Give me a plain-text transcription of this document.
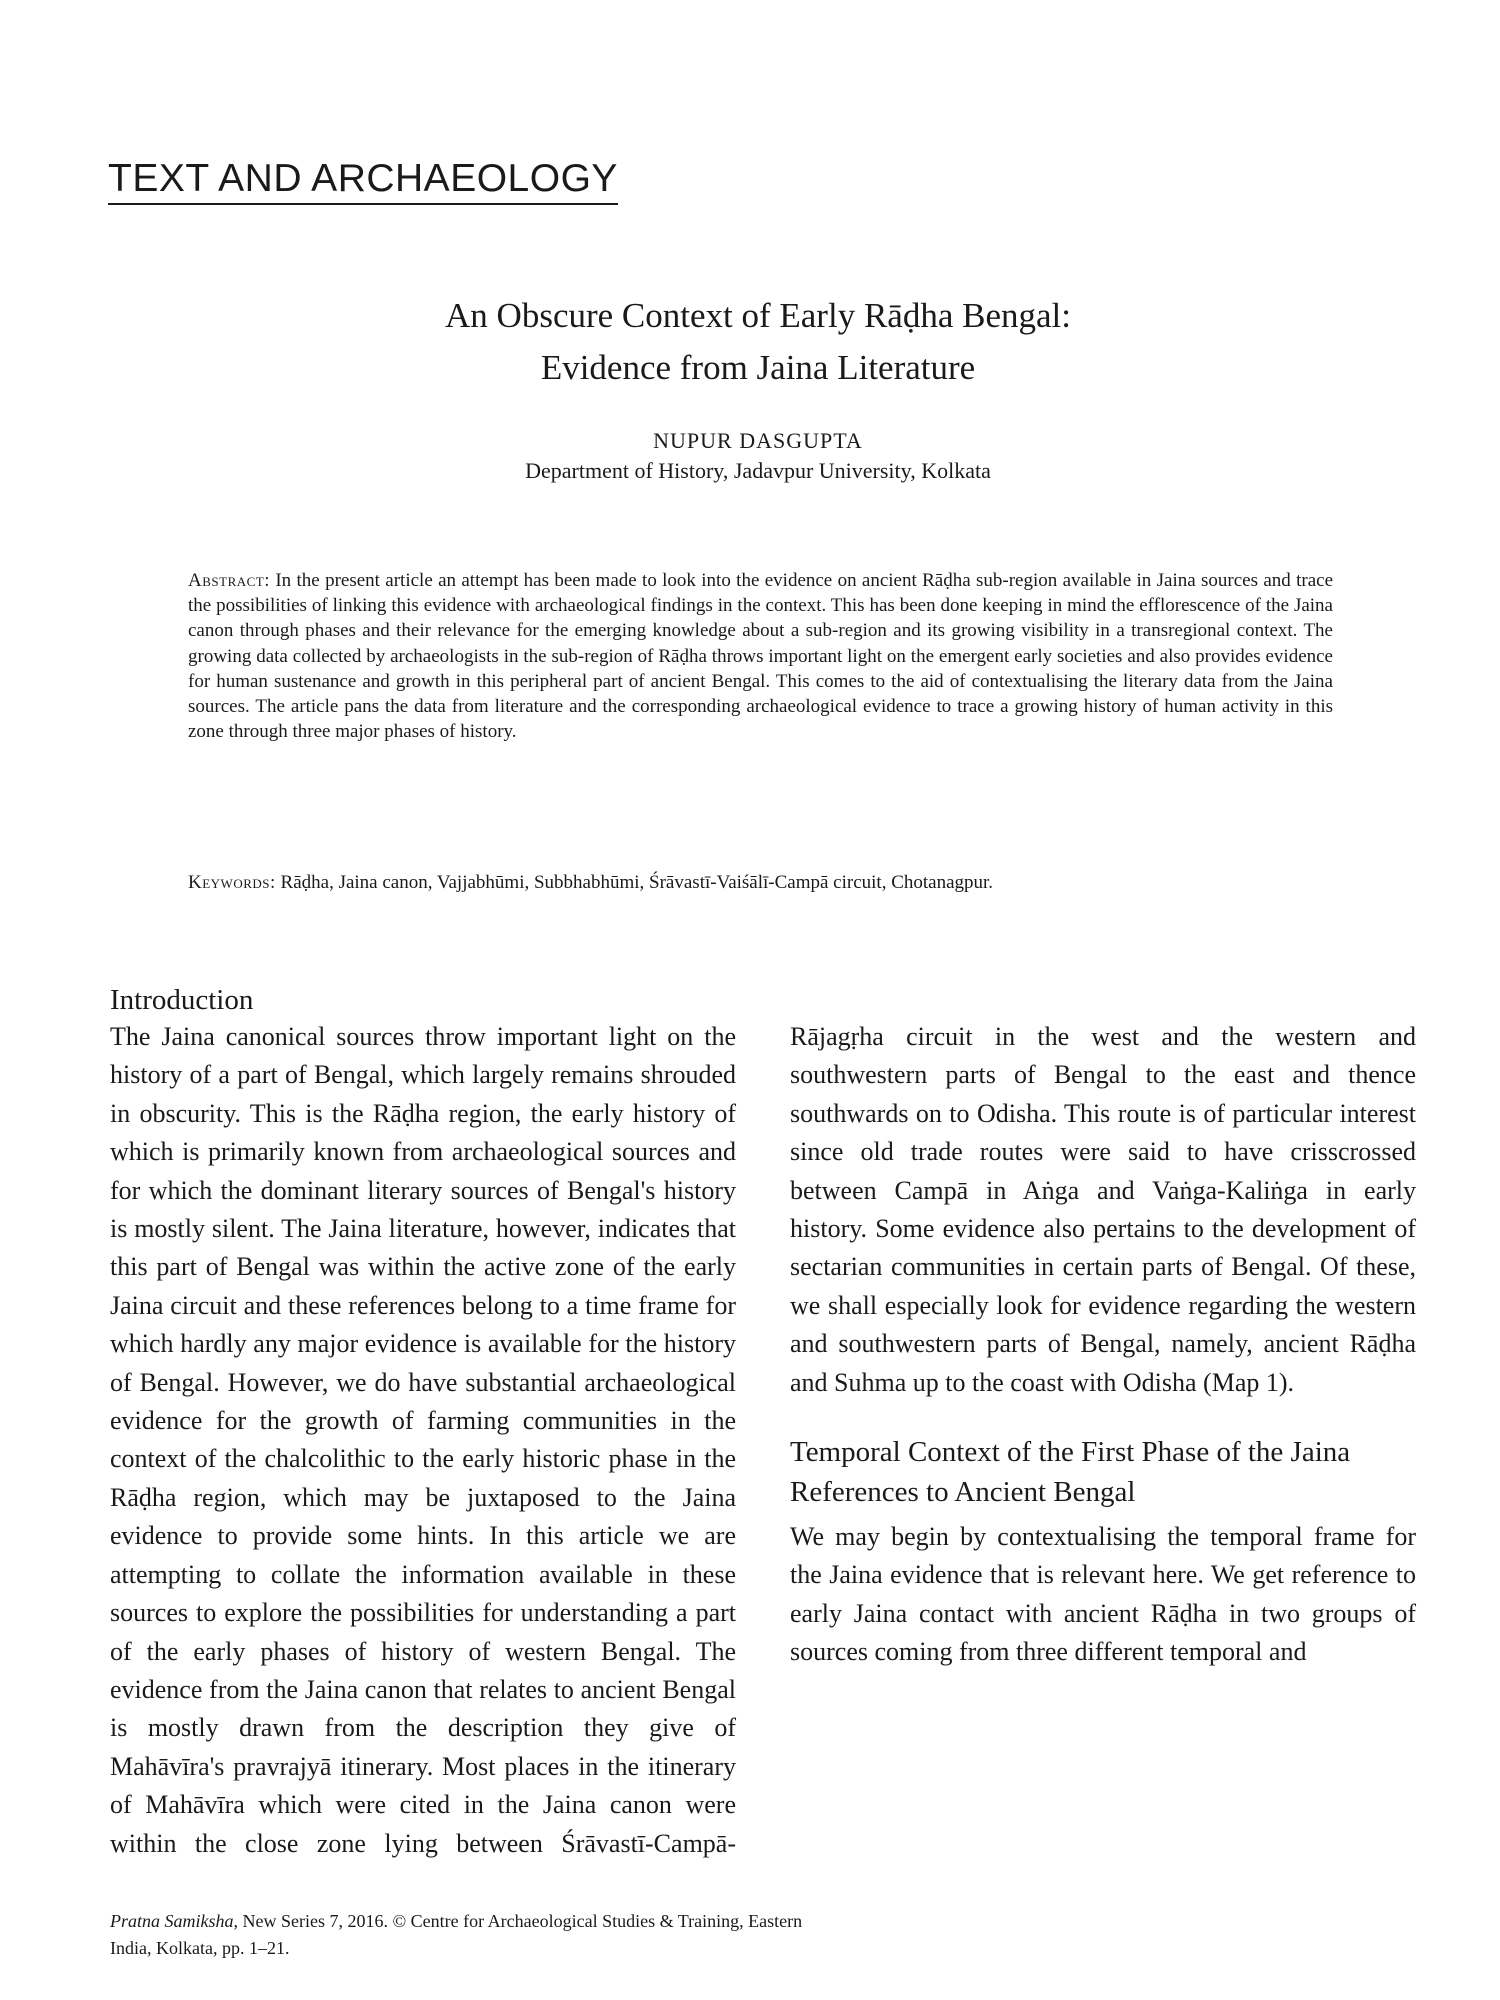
TEXT AND ARCHAEOLOGY
An Obscure Context of Early Rāḍha Bengal:
Evidence from Jaina Literature
NUPUR DASGUPTA
Department of History, Jadavpur University, Kolkata
Abstract: In the present article an attempt has been made to look into the evidence on ancient Rāḍha sub-region available in Jaina sources and trace the possibilities of linking this evidence with archaeological findings in the context. This has been done keeping in mind the efflorescence of the Jaina canon through phases and their relevance for the emerging knowledge about a sub-region and its growing visibility in a transregional context. The growing data collected by archaeologists in the sub-region of Rāḍha throws important light on the emergent early societies and also provides evidence for human sustenance and growth in this peripheral part of ancient Bengal. This comes to the aid of contextualising the literary data from the Jaina sources. The article pans the data from literature and the corresponding archaeological evidence to trace a growing history of human activity in this zone through three major phases of history.
Keywords: Rāḍha, Jaina canon, Vajjabhūmi, Subbhabhūmi, Śrāvastī-Vaiśālī-Campā circuit, Chotanagpur.
Introduction

The Jaina canonical sources throw important light on the history of a part of Bengal, which largely remains shrouded in obscurity. This is the Rāḍha region, the early history of which is primarily known from archaeological sources and for which the dominant literary sources of Bengal's history is mostly silent. The Jaina literature, however, indicates that this part of Bengal was within the active zone of the early Jaina circuit and these references belong to a time frame for which hardly any major evidence is available for the history of Bengal. However, we do have substantial archaeological evidence for the growth of farming communities in the context of the chalcolithic to the early historic phase in the Rāḍha region, which may be juxtaposed to the Jaina evidence to provide some hints. In this article we are attempting to collate the information available in these sources to explore the possibilities for understanding a part of the early phases of history of western Bengal. The evidence from the Jaina canon that relates to ancient Bengal is mostly drawn from the description they give of Mahāvīra's pravrajyā itinerary. Most places in the itinerary of Mahāvīra which were cited in the Jaina canon were within the close zone lying between Śrāvastī-Campā-Rājagṛha circuit in the west and the western and southwestern parts of Bengal to the east and thence southwards on to Odisha. This route is of particular interest since old trade routes were said to have crisscrossed between Campā in Aṅga and Vaṅga-Kaliṅga in early history. Some evidence also pertains to the development of sectarian communities in certain parts of Bengal. Of these, we shall especially look for evidence regarding the western and southwestern parts of Bengal, namely, ancient Rāḍha and Suhma up to the coast with Odisha (Map 1).

Temporal Context of the First Phase of the Jaina References to Ancient Bengal

We may begin by contextualising the temporal frame for the Jaina evidence that is relevant here. We get reference to early Jaina contact with ancient Rāḍha in two groups of sources coming from three different temporal and

Pratna Samiksha, New Series 7, 2016. © Centre for Archaeological Studies & Training, Eastern India, Kolkata, pp. 1–21.
